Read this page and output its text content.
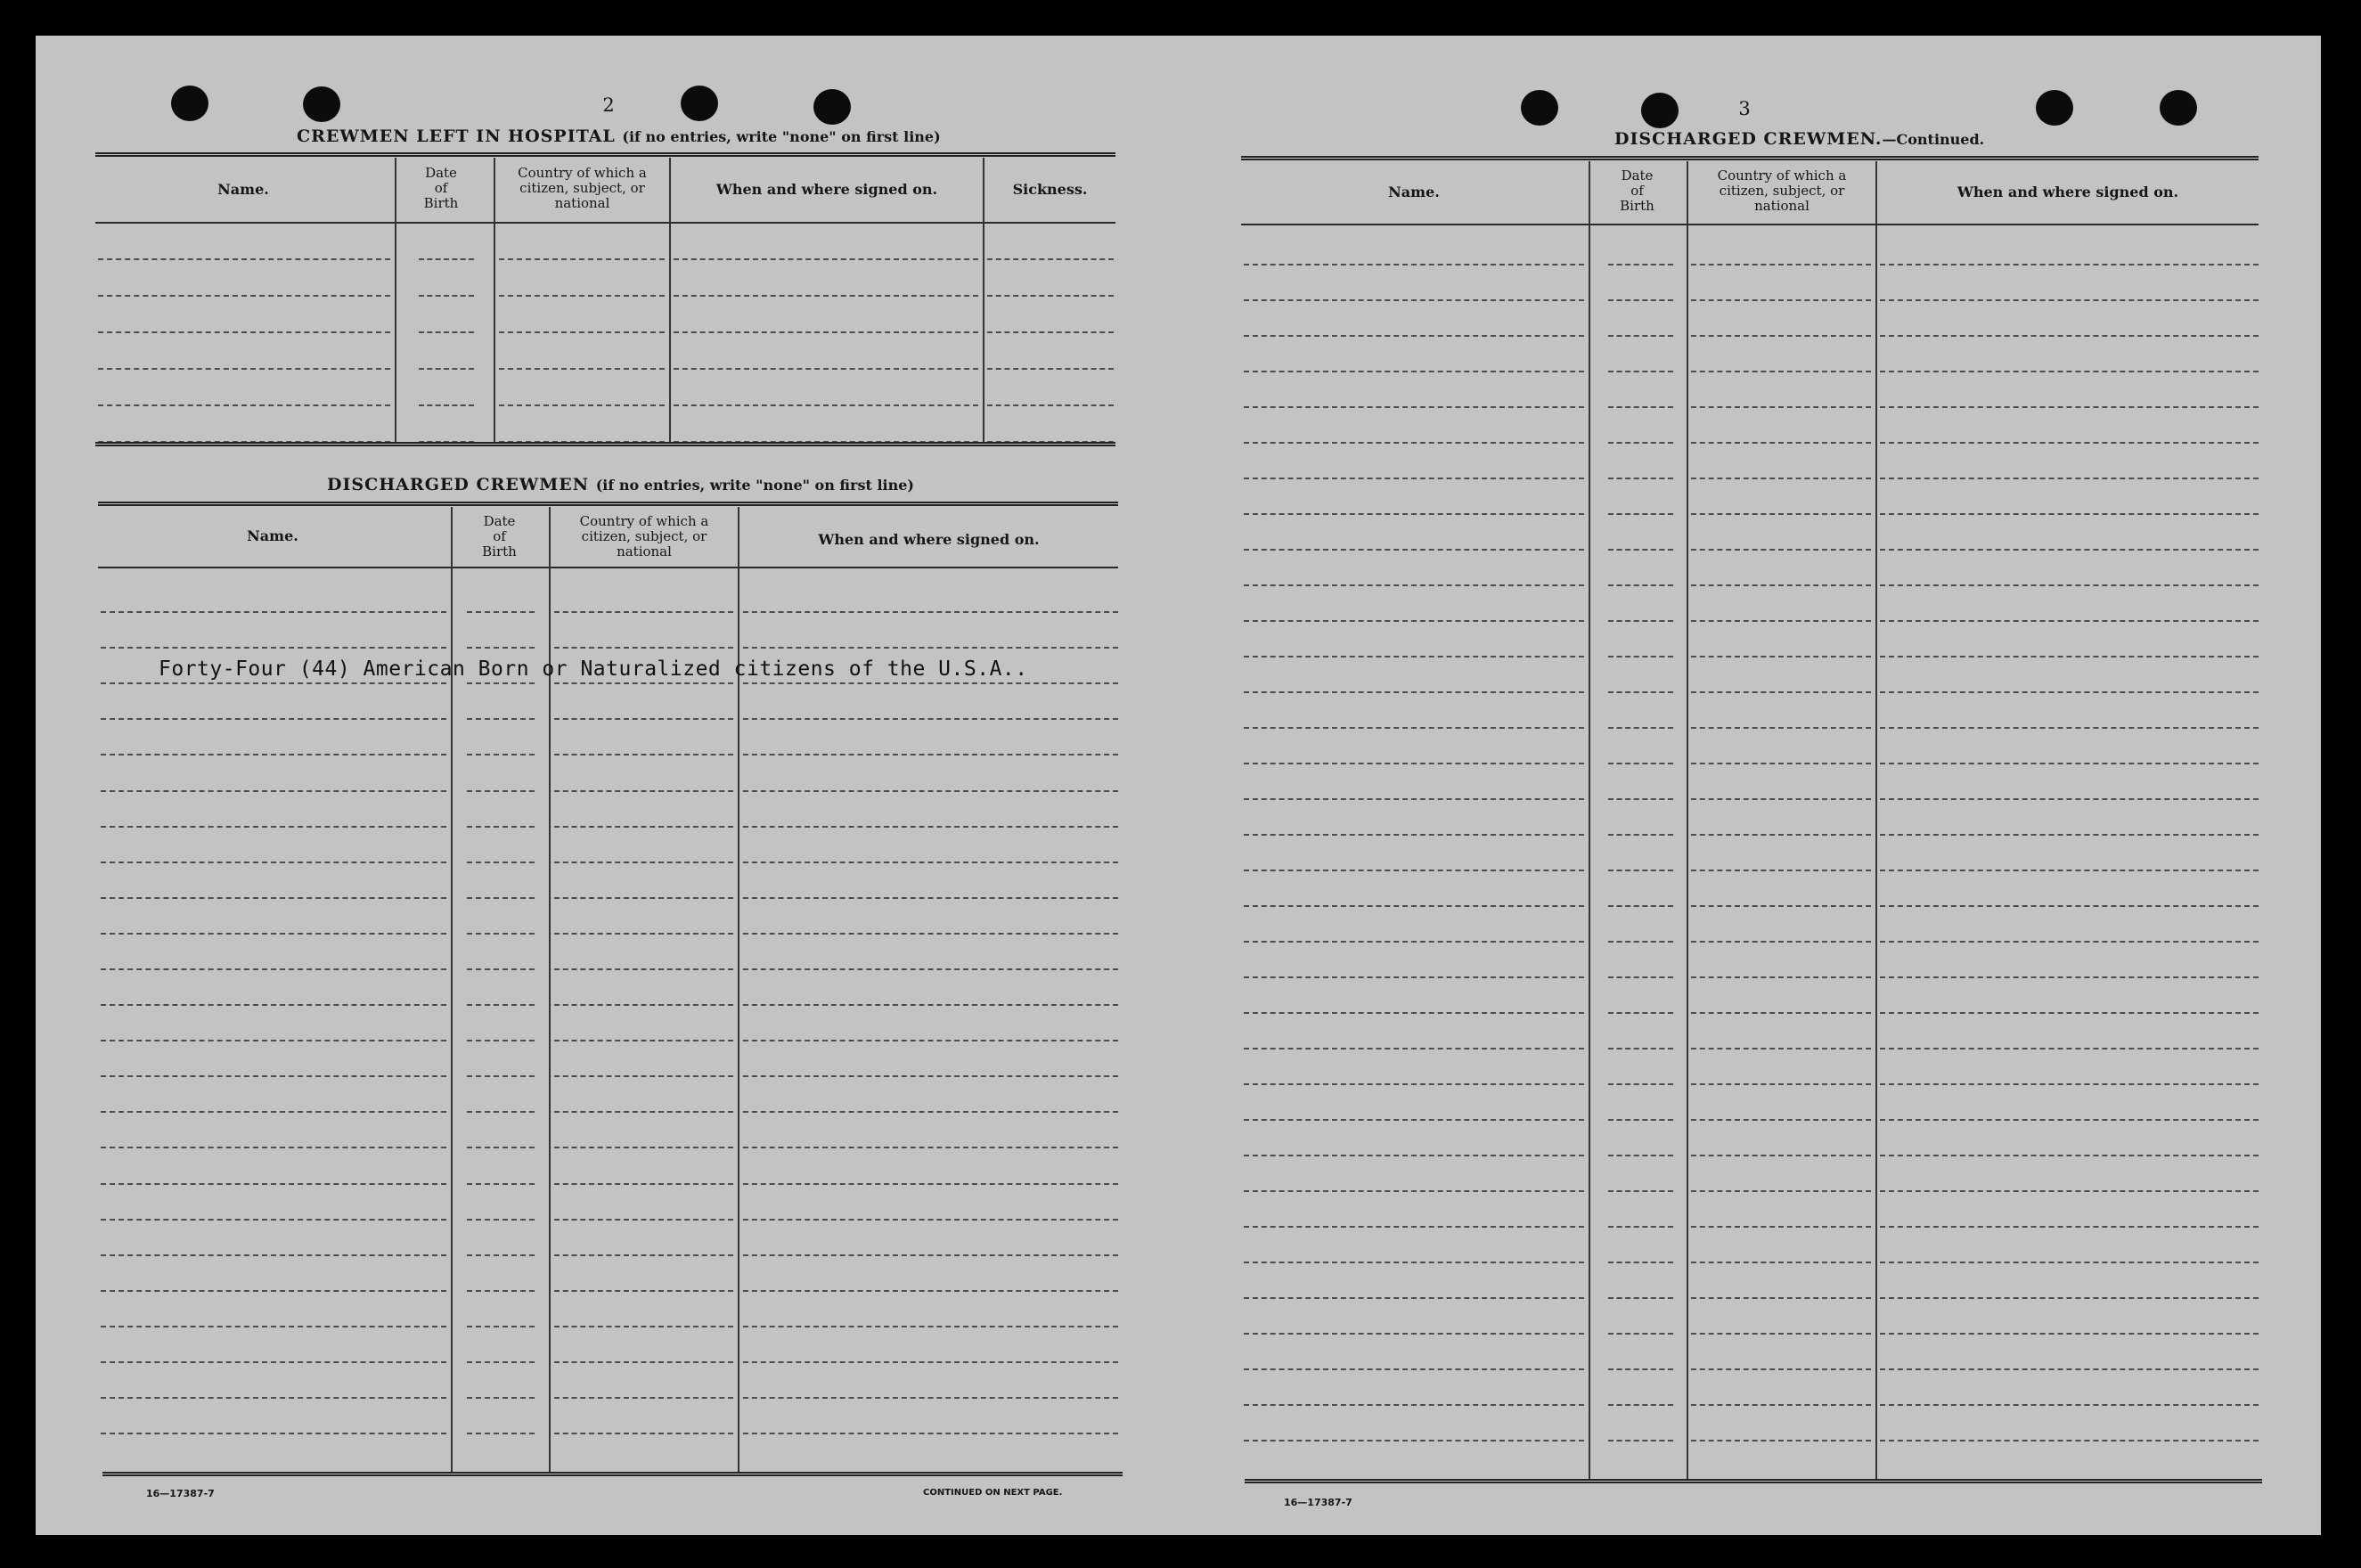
2
CREWMEN LEFT IN HOSPITAL (if no entries, write "none" on first line)
Name.
Date
of
Birth
Country of which a
citizen, subject, or
national
When and where signed on.	Sickness.
DISCHARGED CREWMEN (if no entries, write "none" on first line)
Name.
Date
of
Birth
Country of which a
citizen, subject, or
national
When and where signed on.
Forty-Four (44) American Born or Naturalized citizens of the U.S.A..
16—17387-7	CONTINUED ON NEXT PAGE.
3
DISCHARGED CREWMEN.—Continued.
Name.
Date
of
Birth
Country of which a
citizen, subject, or
national
When and where signed on.
16—17387-7
